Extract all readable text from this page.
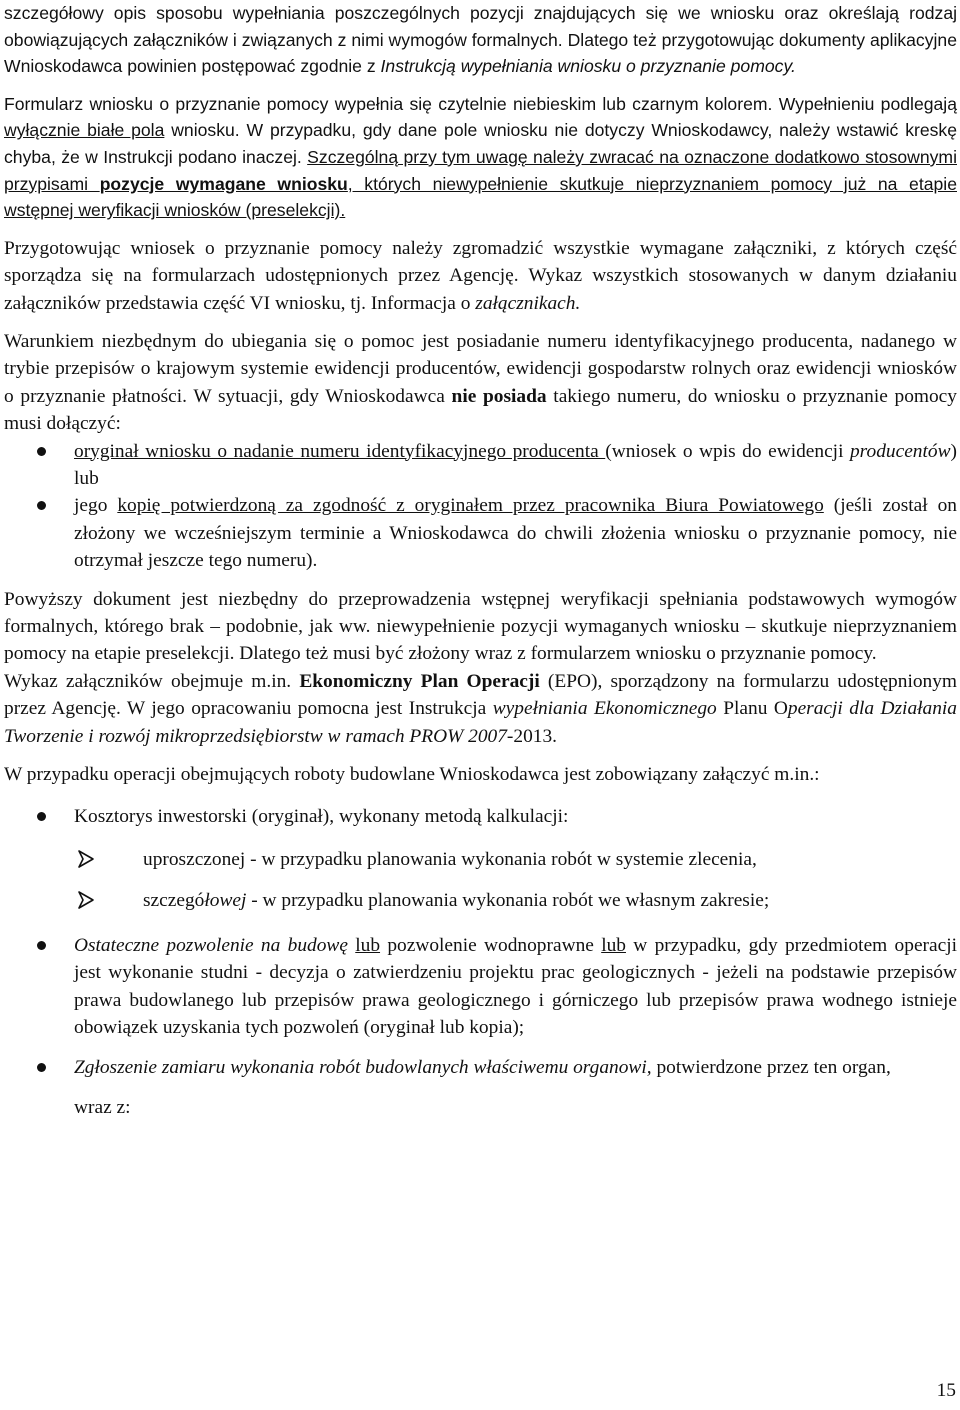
szczegółowy opis sposobu wypełniania poszczególnych pozycji znajdujących się we wniosku oraz określają rodzaj obowiązujących załączników i związanych z nimi wymogów formalnych. Dlatego też przygotowując dokumenty aplikacyjne Wnioskodawca powinien postępować zgodnie z Instrukcją wypełniania wniosku o przyznanie pomocy.

Formularz wniosku o przyznanie pomocy wypełnia się czytelnie niebieskim lub czarnym kolorem. Wypełnieniu podlegają wyłącznie białe pola wniosku. W przypadku, gdy dane pole wniosku nie dotyczy Wnioskodawcy, należy wstawić kreskę chyba, że w Instrukcji podano inaczej. Szczególną przy tym uwagę należy zwracać na oznaczone dodatkowo stosownymi przypisami pozycje wymagane wniosku, których niewypełnienie skutkuje nieprzyznaniem pomocy już na etapie wstępnej weryfikacji wniosków (preselekcji).

Przygotowując wniosek o przyznanie pomocy należy zgromadzić wszystkie wymagane załączniki, z których część sporządza się na formularzach udostępnionych przez Agencję. Wykaz wszystkich stosowanych w danym działaniu załączników przedstawia część VI wniosku, tj. Informacja o załącznikach.

Warunkiem niezbędnym do ubiegania się o pomoc jest posiadanie numeru identyfikacyjnego producenta, nadanego w trybie przepisów o krajowym systemie ewidencji producentów, ewidencji gospodarstw rolnych oraz ewidencji wniosków o przyznanie płatności. W sytuacji, gdy Wnioskodawca nie posiada takiego numeru, do wniosku o przyznanie pomocy musi dołączyć:

oryginał wniosku o nadanie numeru identyfikacyjnego producenta (wniosek o wpis do ewidencji producentów) lub
jego kopię potwierdzoną za zgodność z oryginałem przez pracownika Biura Powiatowego (jeśli został on złożony we wcześniejszym terminie a Wnioskodawca do chwili złożenia wniosku o przyznanie pomocy, nie otrzymał jeszcze tego numeru).

Powyższy dokument jest niezbędny do przeprowadzenia wstępnej weryfikacji spełniania podstawowych wymogów formalnych, którego brak – podobnie, jak ww. niewypełnienie pozycji wymaganych wniosku – skutkuje nieprzyznaniem pomocy na etapie preselekcji. Dlatego też musi być złożony wraz z formularzem wniosku o przyznanie pomocy.

Wykaz załączników obejmuje m.in. Ekonomiczny Plan Operacji (EPO), sporządzony na formularzu udostępnionym przez Agencję. W jego opracowaniu pomocna jest Instrukcja wypełniania Ekonomicznego Planu Operacji dla Działania Tworzenie i rozwój mikroprzedsiębiorstw w ramach PROW 2007-2013.

W przypadku operacji obejmujących roboty budowlane Wnioskodawca jest zobowiązany załączyć m.in.:

Kosztorys inwestorski (oryginał), wykonany metodą kalkulacji:
uproszczonej - w przypadku planowania wykonania robót w systemie zlecenia,
szczegółowej - w przypadku planowania wykonania robót we własnym zakresie;
Ostateczne pozwolenie na budowę lub pozwolenie wodnoprawne lub w przypadku, gdy przedmiotem operacji jest wykonanie studni - decyzja o zatwierdzeniu projektu prac geologicznych - jeżeli na podstawie przepisów prawa budowlanego lub przepisów prawa geologicznego i górniczego lub przepisów prawa wodnego istnieje obowiązek uzyskania tych pozwoleń (oryginał lub kopia);
Zgłoszenie zamiaru wykonania robót budowlanych właściwemu organowi, potwierdzone przez ten organ,
wraz z:
15
